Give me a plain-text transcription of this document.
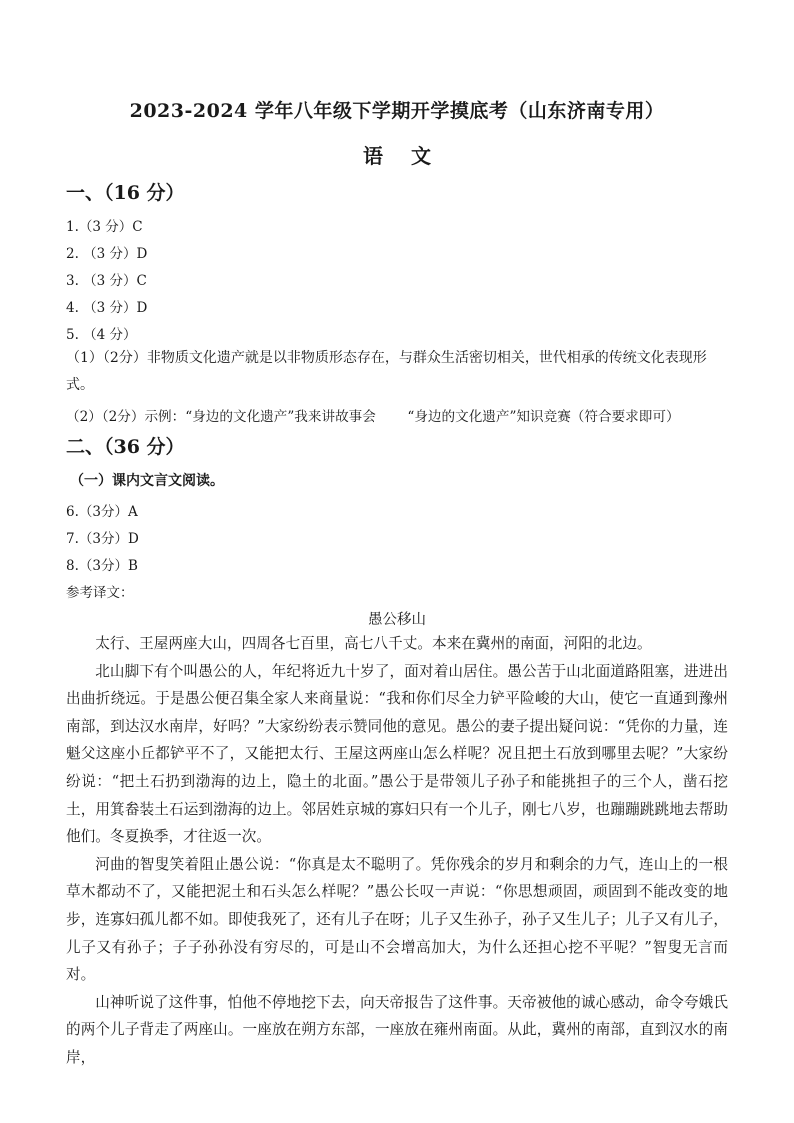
2023-2024 学年八年级下学期开学摸底考（山东济南专用）
语 文
一、（16 分）
1.（3 分）C
2. （3 分）D
3. （3 分）C
4. （3 分）D
5. （4 分）
（1）（2分）非物质文化遗产就是以非物质形态存在，与群众生活密切相关，世代相承的传统文化表现形式。
（2）（2分）示例：“身边的文化遗产”我来讲故事会　　 “身边的文化遗产”知识竞赛（符合要求即可）
二、（36 分）
（一）课内文言文阅读。
6.（3分）A
7.（3分）D
8.（3分）B
参考译文：
愚公移山

太行、王屋两座大山，四周各七百里，高七八千丈。本来在冀州的南面，河阳的北边。

北山脚下有个叫愚公的人，年纪将近九十岁了，面对着山居住。愚公苦于山北面道路阻塞，进进出出曲折绕远。于是愚公便召集全家人来商量说：“我和你们尽全力铲平险峻的大山，使它一直通到豫州南部，到达汉水南岸，好吗？”大家纷纷表示赞同他的意见。愚公的妻子提出疑问说：“凭你的力量，连魁父这座小丘都铲平不了，又能把太行、王屋这两座山怎么样呢？况且把土石放到哪里去呢？”大家纷纷说：“把土石扔到渤海的边上，隐土的北面。”愚公于是带领儿子孙子和能挑担子的三个人，凿石挖土，用箕畚装土石运到渤海的边上。邻居姓京城的寡妇只有一个儿子，刚七八岁，也蹦蹦跳跳地去帮助他们。冬夏换季，才往返一次。

河曲的智叟笑着阻止愚公说：“你真是太不聪明了。凭你残余的岁月和剩余的力气，连山上的一根草木都动不了，又能把泥土和石头怎么样呢？”愚公长叹一声说：“你思想顽固，顽固到不能改变的地步，连寡妇孤儿都不如。即使我死了，还有儿子在呀；儿子又生孙子，孙子又生儿子；儿子又有儿子，儿子又有孙子；子子孙孙没有穷尽的，可是山不会增高加大，为什么还担心挖不平呢？”智叟无言而对。

山神听说了这件事，怕他不停地挖下去，向天帝报告了这件事。天帝被他的诚心感动，命令夸娥氏的两个儿子背走了两座山。一座放在朔方东部，一座放在雍州南面。从此，冀州的南部，直到汉水的南岸，
